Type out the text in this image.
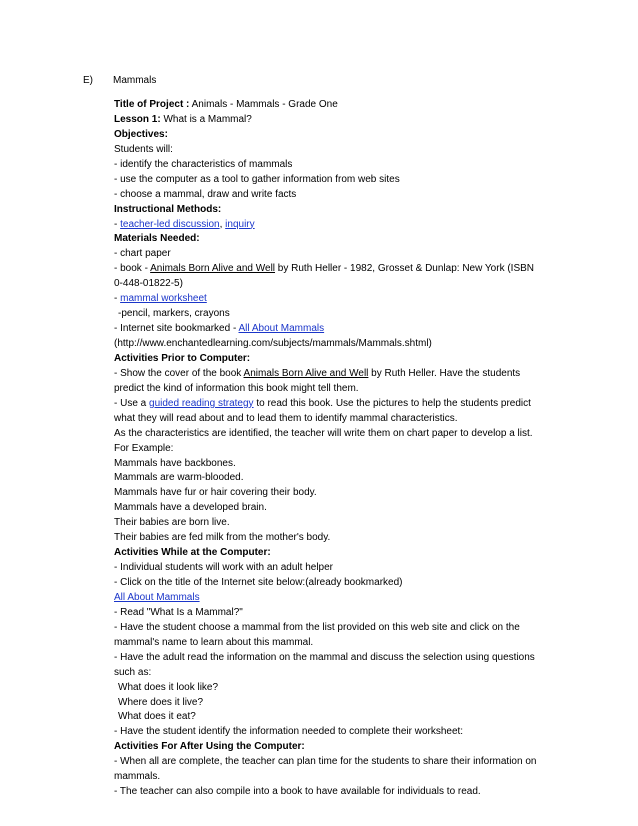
E) Mammals
Title of Project : Animals - Mammals - Grade One
Lesson 1: What is a Mammal?
Objectives:
Students will:
- identify the characteristics of mammals
- use the computer as a tool to gather information from web sites
- choose a mammal, draw and write facts
Instructional Methods:
- teacher-led discussion, inquiry
Materials Needed:
- chart paper
- book - Animals Born Alive and Well by Ruth Heller - 1982, Grosset & Dunlap: New York (ISBN
0-448-01822-5)
- mammal worksheet
-pencil, markers, crayons
- Internet site bookmarked - All About Mammals
(http://www.enchantedlearning.com/subjects/mammals/Mammals.shtml)
Activities Prior to Computer:
- Show the cover of the book Animals Born Alive and Well by Ruth Heller. Have the students
predict the kind of information this book might tell them.
- Use a guided reading strategy to read this book. Use the pictures to help the students predict
what they will read about and to lead them to identify mammal characteristics.
As the characteristics are identified, the teacher will write them on chart paper to develop a list.
For Example:
Mammals have backbones.
Mammals are warm-blooded.
Mammals have fur or hair covering their body.
Mammals have a developed brain.
Their babies are born live.
Their babies are fed milk from the mother's body.
Activities While at the Computer:
- Individual students will work with an adult helper
- Click on the title of the Internet site below:(already bookmarked)
All About Mammals
- Read "What Is a Mammal?"
- Have the student choose a mammal from the list provided on this web site and click on the
mammal's name to learn about this mammal.
- Have the adult read the information on the mammal and discuss the selection using questions
such as:
What does it look like?
Where does it live?
What does it eat?
- Have the student identify the information needed to complete their worksheet:
Activities For After Using the Computer:
- When all are complete, the teacher can plan time for the students to share their information on
mammals.
- The teacher can also compile into a book to have available for individuals to read.
